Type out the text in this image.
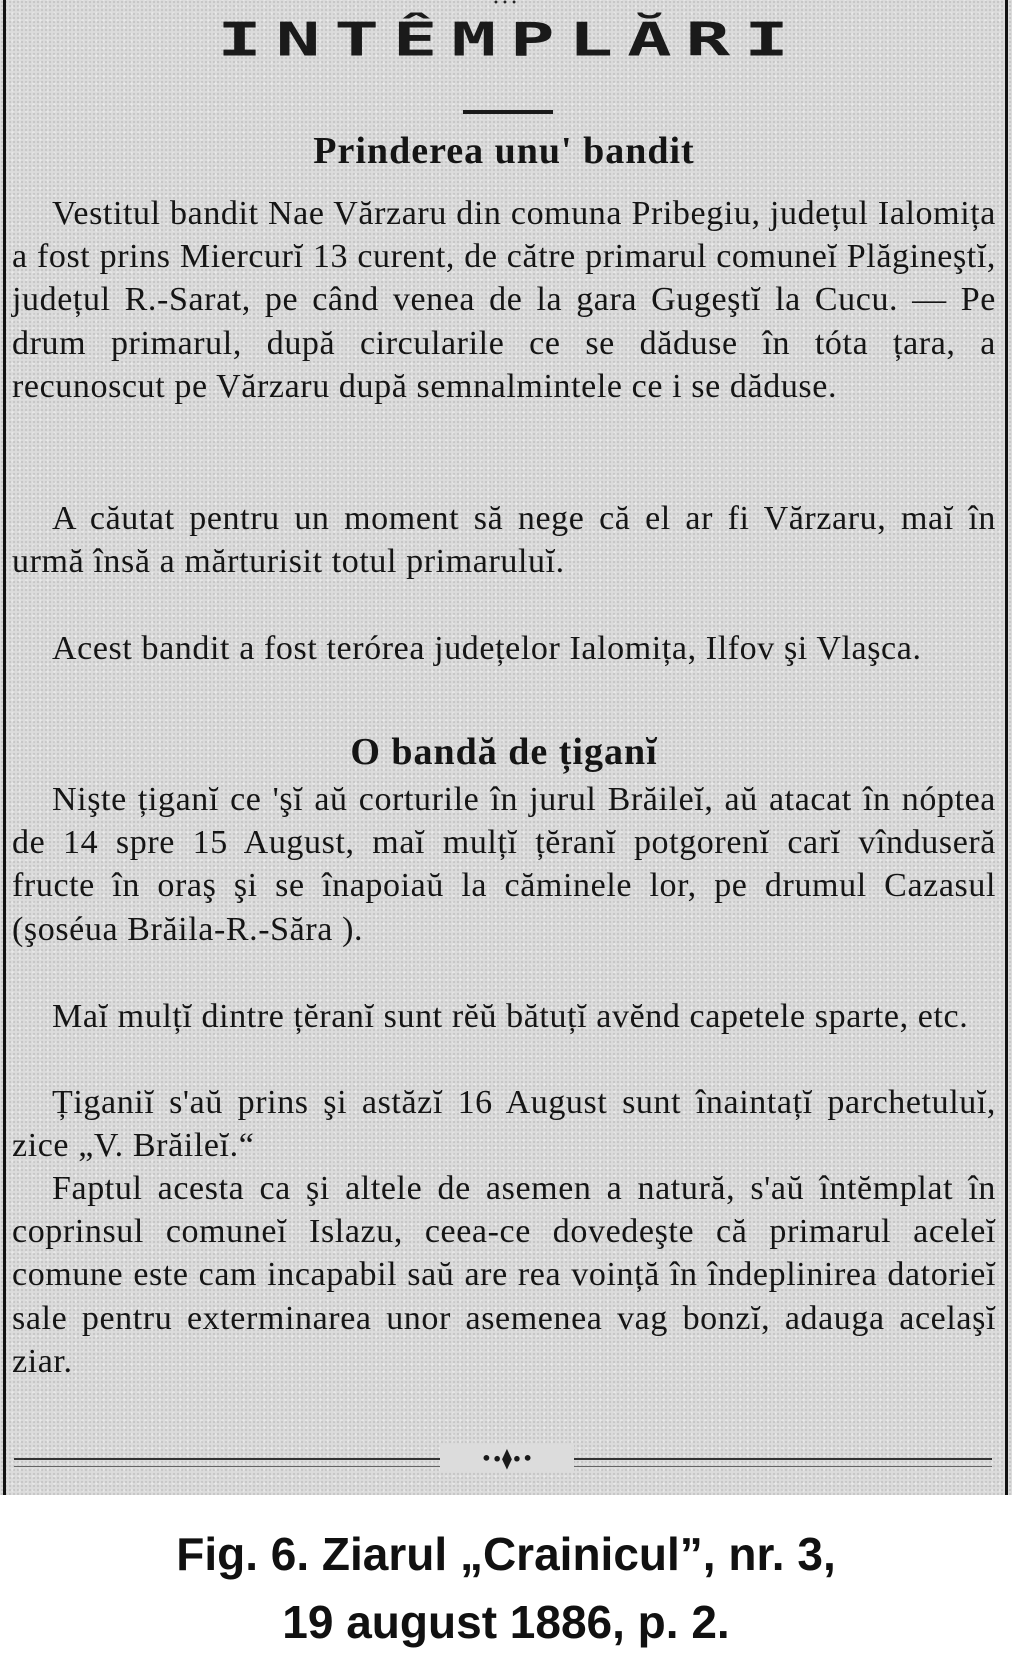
• • •
INTÊMPLĂRI
Prinderea unu' bandit

Vestitul bandit Nae Vărzaru din comuna Pribegiu, județul Ialomița a fost prins Miercurĭ 13 curent, de către primarul comuneĭ Plăgineştĭ, județul R.-Sarat, pe când venea de la gara Gugeştĭ la Cucu. — Pe drum primarul, după circularile ce se dăduse în tóta țara, a recunoscut pe Vărzaru după semnalmintele ce i se dăduse.

A căutat pentru un moment să nege că el ar fi Vărzaru, maĭ în urmă însă a mărturisit totul primaruluĭ.

Acest bandit a fost terórea județelor Ialomița, Ilfov şi Vlaşca.

O bandă de țiganĭ

Nişte țiganĭ ce 'şĭ aŭ corturile în jurul Brăileĭ, aŭ atacat în nóptea de 14 spre 15 August, maĭ mulțĭ țĕranĭ potgorenĭ carĭ vînduseră fructe în oraş şi se înapoiaŭ la căminele lor, pe drumul Cazasul (şoséua Brăila-R.-Săra ).

Maĭ mulțĭ dintre țĕranĭ sunt rĕŭ bătuțĭ avĕnd capetele sparte, etc.

Țiganiĭ s'aŭ prins şi astăzĭ 16 August sunt înaintațĭ parchetuluĭ, zice „V. Brăileĭ.“

Faptul acesta ca şi altele de asemen a natură, s'aŭ întĕmplat în coprinsul comuneĭ Islazu, ceea-ce dovedeşte că primarul aceleĭ comune este cam incapabil saŭ are rea voință în îndeplinirea datorieĭ sale pentru exterminarea unor asemenea vag bonzĭ, adauga acelaşĭ ziar.

•∙⧫∙•
Fig. 6. Ziarul „Crainicul”, nr. 3,
19 august 1886, p. 2.
